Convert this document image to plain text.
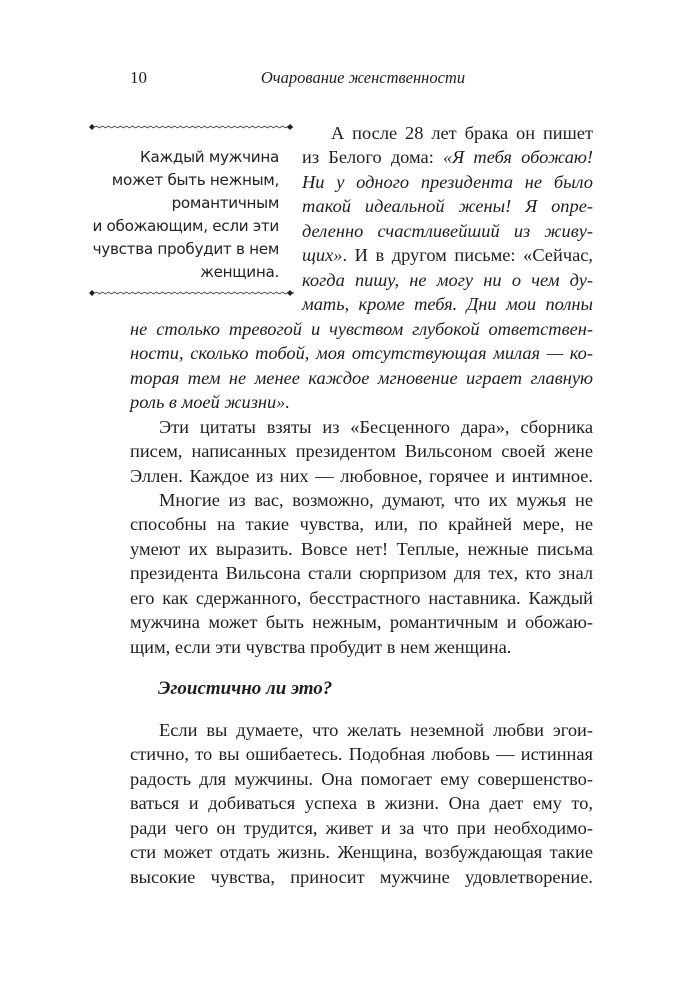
10	Очарование женственности
Каждый мужчина
может быть нежным,
романтичным
и обожающим, если эти
чувства пробудит в нем
женщина.
А после 28 лет брака он пишет
из Белого дома: «Я тебя обожаю!
Ни у одного президента не было
такой идеальной жены! Я опре-
деленно счастливейший из живу-
щих». И в другом письме: «Сейчас,
когда пишу, не могу ни о чем ду-
мать, кроме тебя. Дни мои полны
не столько тревогой и чувством глубокой ответствен-
ности, сколько тобой, моя отсутствующая милая — ко-
торая тем не менее каждое мгновение играет главную
роль в моей жизни».
Эти цитаты взяты из «Бесценного дара», сборника
писем, написанных президентом Вильсоном своей жене
Эллен. Каждое из них — любовное, горячее и интимное.
Многие из вас, возможно, думают, что их мужья не
способны на такие чувства, или, по крайней мере, не
умеют их выразить. Вовсе нет! Теплые, нежные письма
президента Вильсона стали сюрпризом для тех, кто знал
его как сдержанного, бесстрастного наставника. Каждый
мужчина может быть нежным, романтичным и обожаю-
щим, если эти чувства пробудит в нем женщина.
Эгоистично ли это?
Если вы думаете, что желать неземной любви эгои-
стично, то вы ошибаетесь. Подобная любовь — истинная
радость для мужчины. Она помогает ему совершенство-
ваться и добиваться успеха в жизни. Она дает ему то,
ради чего он трудится, живет и за что при необходимо-
сти может отдать жизнь. Женщина, возбуждающая такие
высокие чувства, приносит мужчине удовлетворение.
